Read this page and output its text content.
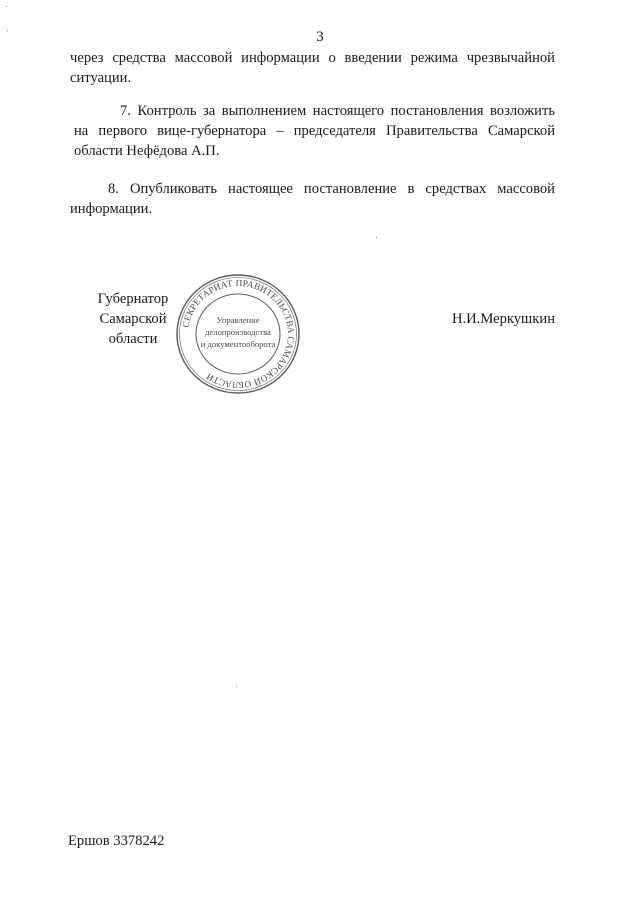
3
через средства массовой информации о введении режима чрезвычайной
ситуации.
7. Контроль за выполнением настоящего постановления возложить
на первого вице-губернатора – председателя Правительства Самарской
области Нефёдова А.П.
8. Опубликовать настоящее постановление в средствах массовой
информации.
СЕКРЕТАРИАТ ПРАВИТЕЛЬСТВА САМАРСКОЙ ОБЛАСТИ
Управление
делопроизводства
и документооборота
Губернатор
Самарской области
Н.И.Меркушкин
Ершов 3378242
